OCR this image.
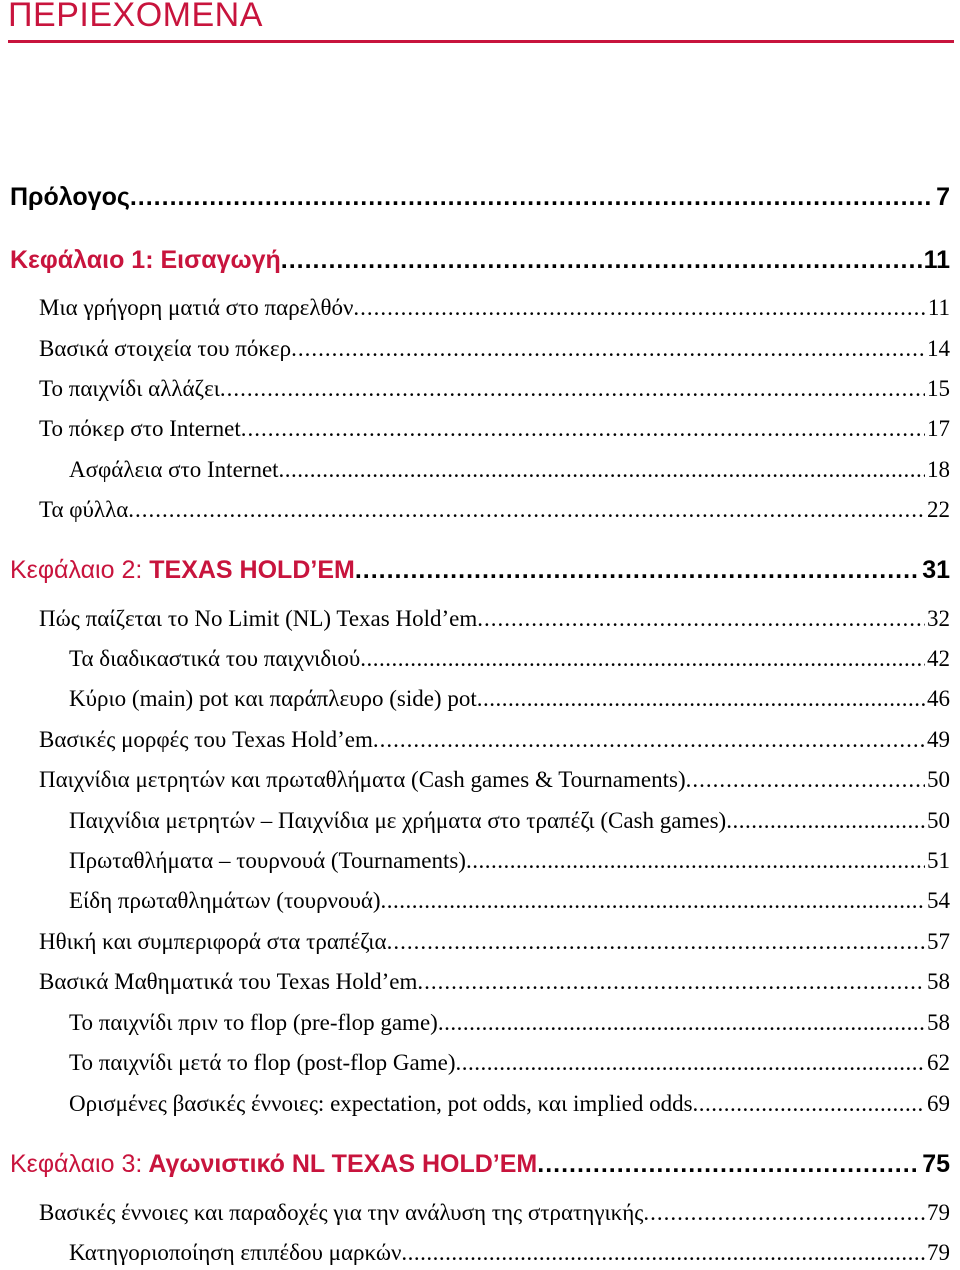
ΠΕΡΙΕΧΟΜΕΝΑ
Πρόλογος .....	7
Κεφάλαιο 1: Εισαγωγή .....	11
Μια γρήγορη ματιά στο παρελθόν .....	11
Βασικά στοιχεία του πόκερ .....	14
Το παιχνίδι αλλάζει .....	15
Το πόκερ στο Internet .....	17
Ασφάλεια στο Internet .....	18
Τα φύλλα .....	22
Κεφάλαιο 2: TEXAS HOLD’EM .....	31
Πώς παίζεται το No Limit (NL) Texas Hold’em .....	32
Τα διαδικαστικά του παιχνιδιού .....	42
Κύριο (main) pot και παράπλευρο (side) pot .....	46
Βασικές μορφές του Texas Hold’em .....	49
Παιχνίδια μετρητών και πρωταθλήματα (Cash games & Tournaments) .....	50
Παιχνίδια μετρητών – Παιχνίδια με χρήματα στο τραπέζι (Cash games) .....	50
Πρωταθλήματα – τουρνουά (Tournaments) .....	51
Είδη πρωταθλημάτων (τουρνουά) .....	54
Ηθική και συμπεριφορά στα τραπέζια .....	57
Βασικά Μαθηματικά του Texas Hold’em .....	58
Το παιχνίδι πριν το flop (pre-flop game) .....	58
Το παιχνίδι μετά το flop (post-flop Game) .....	62
Ορισμένες βασικές έννοιες: expectation, pot odds, και implied odds .....	69
Κεφάλαιο 3: Αγωνιστικό NL TEXAS HOLD’EM .....	75
Βασικές έννοιες και παραδοχές για την ανάλυση της στρατηγικής .....	79
Κατηγοριοποίηση επιπέδου μαρκών .....	79
